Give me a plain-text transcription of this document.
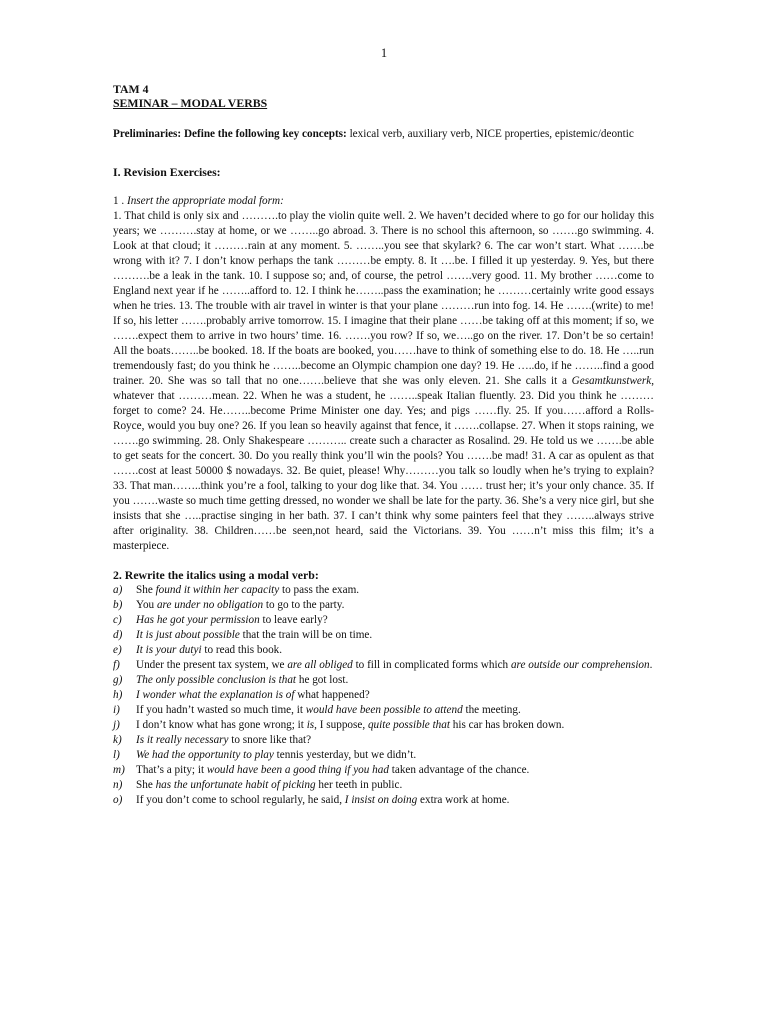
1

TAM 4

SEMINAR – MODAL VERBS

Preliminaries: Define the following key concepts: lexical verb, auxiliary verb, NICE properties, epistemic/deontic

I. Revision Exercises:
1 . Insert the appropriate modal form:

1. That child is only six and ……….to play the violin quite well. 2. We haven’t decided where to go for our holiday this years; we ……….stay at home, or we ……..go abroad. 3. There is no school this afternoon, so …….go swimming. 4. Look at that cloud; it ………rain at any moment. 5. ……..you see that skylark? 6. The car won’t start. What …….be wrong with it? 7. I don’t know perhaps the tank ………be empty. 8. It ….be. I filled it up yesterday. 9. Yes, but there ……….be a leak in the tank. 10. I suppose so; and, of course, the petrol …….very good. 11. My brother ……come to England next year if he ……..afford to. 12. I think he……..pass the examination; he ………certainly write good essays when he tries. 13. The trouble with air travel in winter is that your plane ………run into fog. 14. He …….(write) to me! If so, his letter …….probably arrive tomorrow. 15. I imagine that their plane ……be taking off at this moment; if so, we …….expect them to arrive in two hours’ time. 16. …….you row? If so, we…..go on the river. 17. Don’t be so certain! All the boats……..be booked. 18. If the boats are booked, you……have to think of something else to do. 18. He …..run tremendously fast; do you think he ……..become an Olympic champion one day? 19. He …..do, if he ……..find a good trainer. 20. She was so tall that no one…….believe that she was only eleven. 21. She calls it a Gesamtkunstwerk, whatever that ………mean. 22. When he was a student, he ……..speak Italian fluently. 23. Did you think he ………forget to come? 24. He……..become Prime Minister one day. Yes; and pigs ……fly. 25. If you……afford a Rolls-Royce, would you buy one? 26. If you lean so heavily against that fence, it …….collapse. 27. When it stops raining, we …….go swimming. 28. Only Shakespeare ……….. create such a character as Rosalind. 29. He told us we …….be able to get seats for the concert. 30. Do you really think you’ll win the pools? You …….be mad! 31. A car as opulent as that …….cost at least 50000 $ nowadays. 32. Be quiet, please! Why………you talk so loudly when he’s trying to explain? 33. That man……..think you’re a fool, talking to your dog like that. 34. You …… trust her; it’s your only chance. 35. If you …….waste so much time getting dressed, no wonder we shall be late for the party. 36. She’s a very nice girl, but she insists that she …..practise singing in her bath. 37. I can’t think why some painters feel that they ……..always strive after originality. 38. Children……be seen,not heard, said the Victorians. 39. You ……n’t miss this film; it’s a masterpiece.

2. Rewrite the italics using a modal verb:
a)	She found it within her capacity to pass the exam.
b)	You are under no obligation to go to the party.
c)	Has he got your permission to leave early?
d)	It is just about possible that the train will be on time.
e)	It is your dutyi to read this book.
f)	Under the present tax system, we are all obliged to fill in complicated forms which are outside our comprehension.
g)	The only possible conclusion is that he got lost.
h)	I wonder what the explanation is of what happened?
i)	If you hadn’t wasted so much time, it would have been possible to attend the meeting.
j)	I don’t know what has gone wrong; it is, I suppose, quite possible that his car has broken down.
k)	Is it really necessary to snore like that?
l)	We had the opportunity to play tennis yesterday, but we didn’t.
m) That’s a pity; it would have been a good thing if you had taken advantage of the chance.
n)	She has the unfortunate habit of picking her teeth in public.
o)	If you don’t come to school regularly, he said, I insist on doing extra work at home.
